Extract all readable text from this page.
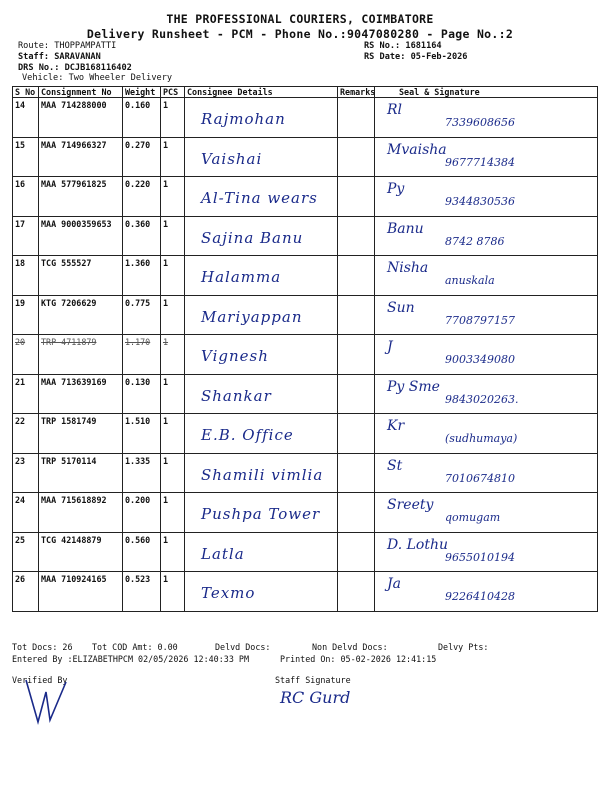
THE PROFESSIONAL COURIERS, COIMBATORE
Delivery Runsheet - PCM - Phone No.:9047080280 - Page No.:2
Route: THOPPAMPATTI
Staff: SARAVANAN
DRS No.: DCJB168116402
Vehicle: Two Wheeler Delivery
RS No.: 1681164
RS Date: 05-Feb-2026
S No	Consignment No	Weight	PCS	Consignee Details	Remarks	Seal & Signature

14	MAA 714288000	0.160	1	Rajmohan		Rl
7339608656

15	MAA 714966327	0.270	1	Vaishai		Mvaisha
9677714384

16	MAA 577961825	0.220	1	Al-Tina wears		Py
9344830536

17	MAA 9000359653	0.360	1	Sajina Banu		Banu
8742 8786

18	TCG 555527	1.360	1	Halamma		Nisha
anuskala

19	KTG 7206629	0.775	1	Mariyappan		Sun
7708797157

20	TRP 4711879	1.170	1	Vignesh		J
9003349080

21	MAA 713639169	0.130	1	Shankar		Py Sme
9843020263.

22	TRP 1581749	1.510	1	E.B. Office		Kr
(sudhumaya)

23	TRP 5170114	1.335	1	Shamili vimlia		St
7010674810

24	MAA 715618892	0.200	1	Pushpa Tower		Sreety
qomugam

25	TCG 42148879	0.560	1	Latla		D. Lothu
9655010194

26	MAA 710924165	0.523	1	Texmo		Ja
9226410428
Tot Docs: 26 Tot COD Amt: 0.00	Delvd Docs:	Non Delvd Docs:	Delvy Pts:
Entered By :ELIZABETHPCM 02/05/2026 12:40:33 PM	Printed On: 05-02-2026 12:41:15
Verified By	Staff Signature
RC Gurd
